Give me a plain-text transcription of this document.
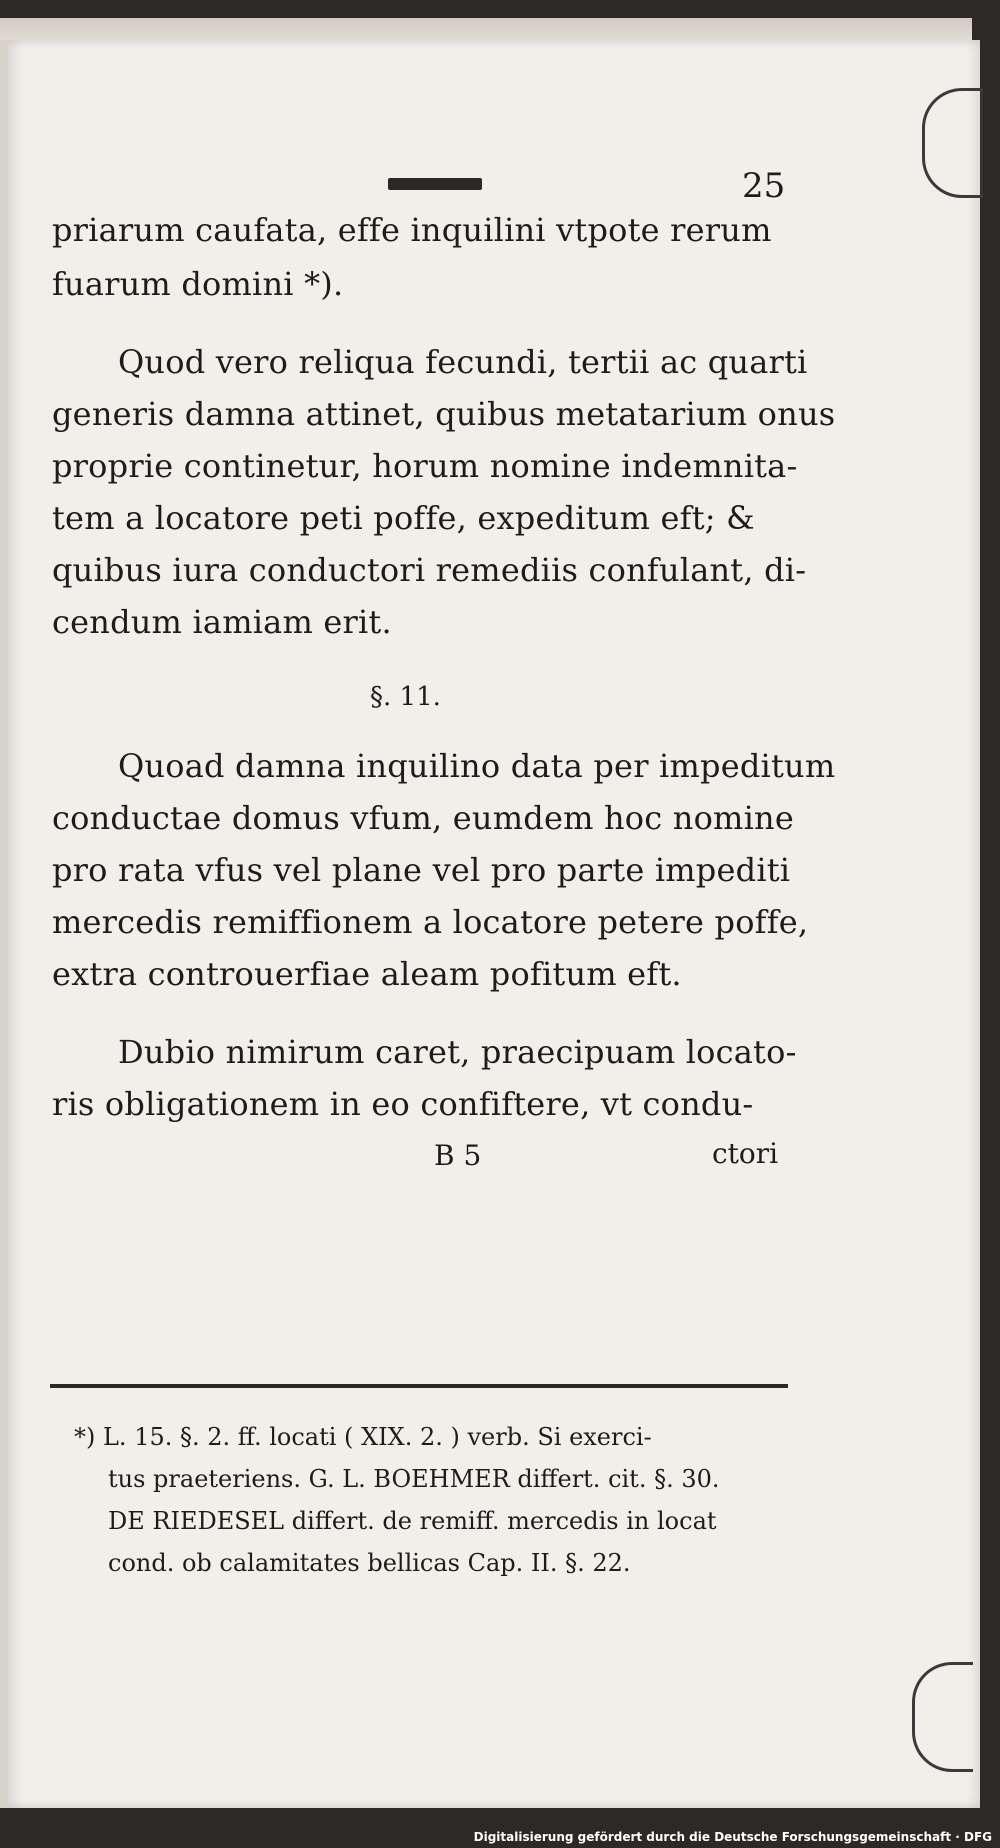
25
priarum caufata, effe inquilini vtpote rerum
fuarum domini *).
Quod vero reliqua fecundi, tertii ac quarti
generis damna attinet, quibus metatarium onus
proprie continetur, horum nomine indemnita-
tem a locatore peti poffe, expeditum eft; &
quibus iura conductori remediis confulant, di-
cendum iamiam erit.
§. 11.
Quoad damna inquilino data per impeditum
conductae domus vfum, eumdem hoc nomine
pro rata vfus vel plane vel pro parte impediti
mercedis remiffionem a locatore petere poffe,
extra controuerfiae aleam pofitum eft.
Dubio nimirum caret, praecipuam locato-
ris obligationem in eo confiftere, vt condu-
B 5	ctori
*) L. 15. §. 2. ff. locati ( XIX. 2. ) verb. Si exerci-
tus praeteriens. G. L. BOEHMER differt. cit. §. 30.
DE RIEDESEL differt. de remiff. mercedis in locat
cond. ob calamitates bellicas Cap. II. §. 22.
Digitalisierung gefördert durch die Deutsche Forschungsgemeinschaft · DFG
